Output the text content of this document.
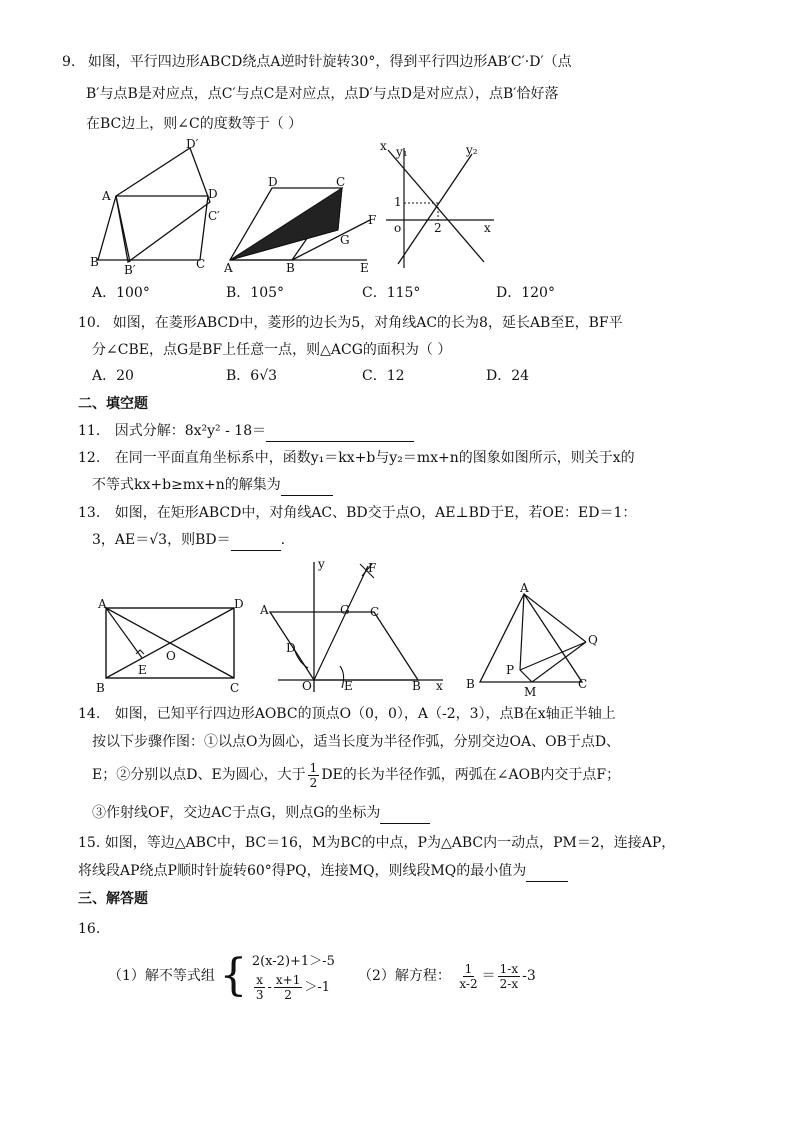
9. 如图，平行四边形ABCD绕点A逆时针旋转30°，得到平行四边形AB′C′·D′（点
B′与点B是对应点，点C′与点C是对应点，点D′与点D是对应点），点B′恰好落
在BC边上，则∠C的度数等于（ ）
D′
A	D
C′
B
B′	C
D	C
F
G
A	B	E
x y₁	y₂
1
o	2	x
A．100°	B．105°	C．115°	D．120°
10. 如图，在菱形ABCD中，菱形的边长为5，对角线AC的长为8，延长AB至E，BF平
分∠CBE，点G是BF上任意一点，则△ACG的面积为（ ）
A．20	B．6√3	C．12	D．24
二、填空题
11. 因式分解：8x²y² - 18＝
12. 在同一平面直角坐标系中，函数y₁＝kx+b与y₂＝mx+n的图象如图所示，则关于x的
不等式kx+b≥mx+n的解集为
13. 如图，在矩形ABCD中，对角线AC、BD交于点O，AE⊥BD于E，若OE：ED＝1：
3，AE＝√3，则BD＝	.
A	D
O
E
B	C
y	F
A	G C
D
O	E	B x
A
Q
P
B
M
C
14. 如图，已知平行四边形AOBC的顶点O（0，0），A（-2，3），点B在x轴正半轴上
按以下步骤作图：①以点O为圆心，适当长度为半径作弧，分别交边OA、OB于点D、
E；②分别以点D、E为圆心，大于 $\frac{1}{2}$ DE的长为半径作弧，两弧在∠AOB内交于点F；
③作射线OF，交边AC于点G，则点G的坐标为
15. 如图，等边△ABC中，BC＝16，M为BC的中点，P为△ABC内一动点，PM＝2，连接AP，
将线段AP绕点P顺时针旋转60°得PQ，连接MQ，则线段MQ的最小值为
三、解答题
16.
（1）解不等式组 { 2(x-2)+1＞-5
$\frac{x}{3} - \frac{x+1}{2} >-1$
（2）解方程： $\frac{1}{x-2} = \frac{1-x}{2-x} -3$
